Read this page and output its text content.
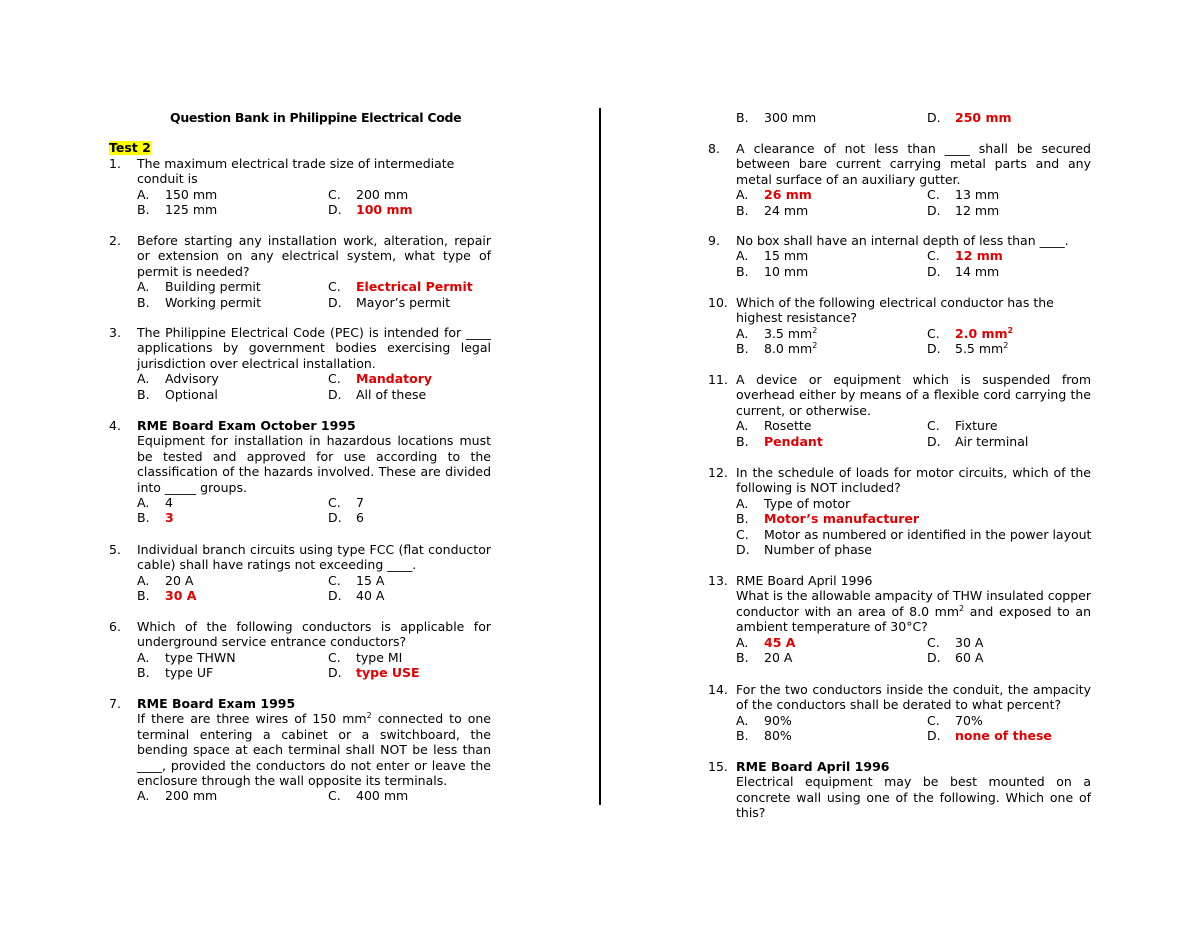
Question Bank in Philippine Electrical Code
Test 2
1.	The maximum electrical trade size of intermediate conduit is
A. 150 mm	C. 200 mm
B. 125 mm	D. 100 mm
2.	Before starting any installation work, alteration, repair or extension on any electrical system, what type of permit is needed?
A. Building permit	C. Electrical Permit
B. Working permit	D. Mayor’s permit
3.	The Philippine Electrical Code (PEC) is intended for ____ applications by government bodies exercising legal jurisdiction over electrical installation.
A. Advisory	C. Mandatory
B. Optional	D. All of these
4.	RME Board Exam October 1995
Equipment for installation in hazardous locations must be tested and approved for use according to the classification of the hazards involved. These are divided into _____ groups.
A. 4	C. 7
B. 3	D. 6
5.	Individual branch circuits using type FCC (flat conductor cable) shall have ratings not exceeding ____.
A. 20 A	C. 15 A
B. 30 A	D. 40 A
6.	Which of the following conductors is applicable for underground service entrance conductors?
A. type THWN	C. type MI
B. type UF	D. type USE
7.	RME Board Exam 1995
If there are three wires of 150 $mm^2$ connected to one terminal entering a cabinet or a switchboard, the bending space at each terminal shall NOT be less than ____, provided the conductors do not enter or leave the enclosure through the wall opposite its terminals.
A. 200 mm	C. 400 mm
B. 300 mm	D. 250 mm
8.	A clearance of not less than ____ shall be secured between bare current carrying metal parts and any metal surface of an auxiliary gutter.
A. 26 mm	C. 13 mm
B. 24 mm	D. 12 mm
9.	No box shall have an internal depth of less than ____.
A. 15 mm	C. 12 mm
B. 10 mm	D. 14 mm
10. Which of the following electrical conductor has the highest resistance?
A. 3.5 $mm^2$	C. 2.0 $mm^2$
B. 8.0 $mm^2$	D. 5.5 $mm^2$
11. A device or equipment which is suspended from overhead either by means of a flexible cord carrying the current, or otherwise.
A. Rosette	C. Fixture
B. Pendant	D. Air terminal
12. In the schedule of loads for motor circuits, which of the following is NOT included?
A. Type of motor
B. Motor’s manufacturer
C. Motor as numbered or identified in the power layout
D. Number of phase
13. RME Board April 1996
What is the allowable ampacity of THW insulated copper conductor with an area of 8.0 $mm^2$ and exposed to an ambient temperature of 30°C?
A. 45 A	C. 30 A
B. 20 A	D. 60 A
14. For the two conductors inside the conduit, the ampacity of the conductors shall be derated to what percent?
A. 90%	C. 70%
B. 80%	D. none of these
15. RME Board April 1996
Electrical equipment may be best mounted on a concrete wall using one of the following. Which one of this?
